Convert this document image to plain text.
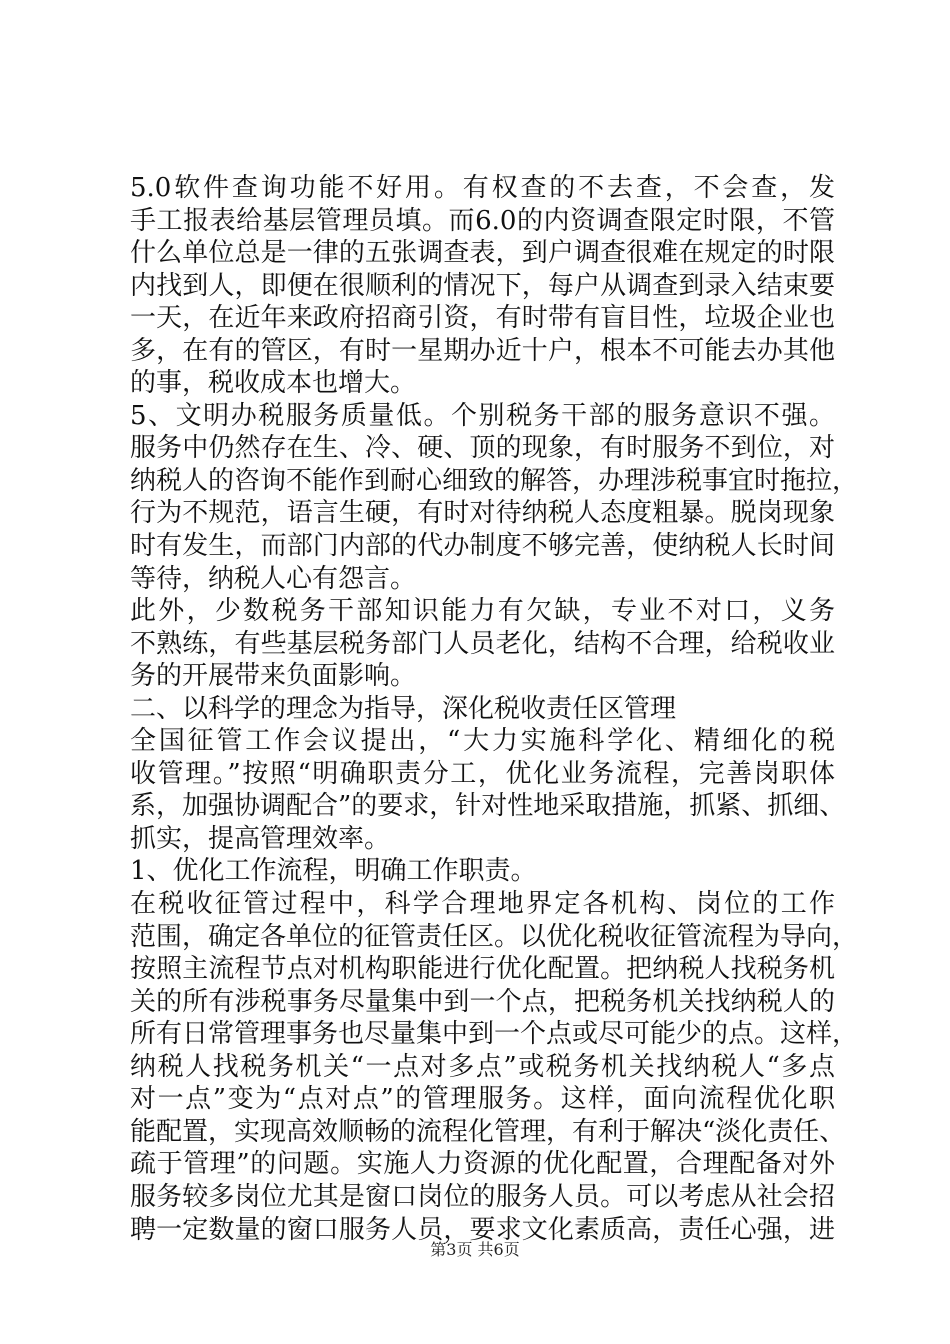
5.0软件查询功能不好用。有权查的不去查，不会查，发
手工报表给基层管理员填。而6.0的内资调查限定时限，不管
什么单位总是一律的五张调查表，到户调查很难在规定的时限
内找到人，即便在很顺利的情况下，每户从调查到录入结束要
一天，在近年来政府招商引资，有时带有盲目性，垃圾企业也
多，在有的管区，有时一星期办近十户，根本不可能去办其他
的事，税收成本也增大。
5、文明办税服务质量低。个别税务干部的服务意识不强。
服务中仍然存在生、冷、硬、顶的现象，有时服务不到位，对
纳税人的咨询不能作到耐心细致的解答，办理涉税事宜时拖拉，
行为不规范，语言生硬，有时对待纳税人态度粗暴。脱岗现象
时有发生，而部门内部的代办制度不够完善，使纳税人长时间
等待，纳税人心有怨言。
此外，少数税务干部知识能力有欠缺，专业不对口，义务
不熟练，有些基层税务部门人员老化，结构不合理，给税收业
务的开展带来负面影响。
二、以科学的理念为指导，深化税收责任区管理
全国征管工作会议提出，“大力实施科学化、精细化的税
收管理。”按照“明确职责分工，优化业务流程，完善岗职体
系，加强协调配合”的要求，针对性地采取措施，抓紧、抓细、
抓实，提高管理效率。
1、优化工作流程，明确工作职责。
在税收征管过程中，科学合理地界定各机构、岗位的工作
范围，确定各单位的征管责任区。以优化税收征管流程为导向，
按照主流程节点对机构职能进行优化配置。把纳税人找税务机
关的所有涉税事务尽量集中到一个点，把税务机关找纳税人的
所有日常管理事务也尽量集中到一个点或尽可能少的点。这样，
纳税人找税务机关“一点对多点”或税务机关找纳税人“多点
对一点”变为“点对点”的管理服务。这样，面向流程优化职
能配置，实现高效顺畅的流程化管理，有利于解决“淡化责任、
疏于管理”的问题。实施人力资源的优化配置，合理配备对外
服务较多岗位尤其是窗口岗位的服务人员。可以考虑从社会招
聘一定数量的窗口服务人员，要求文化素质高，责任心强，进
第3页 共6页
